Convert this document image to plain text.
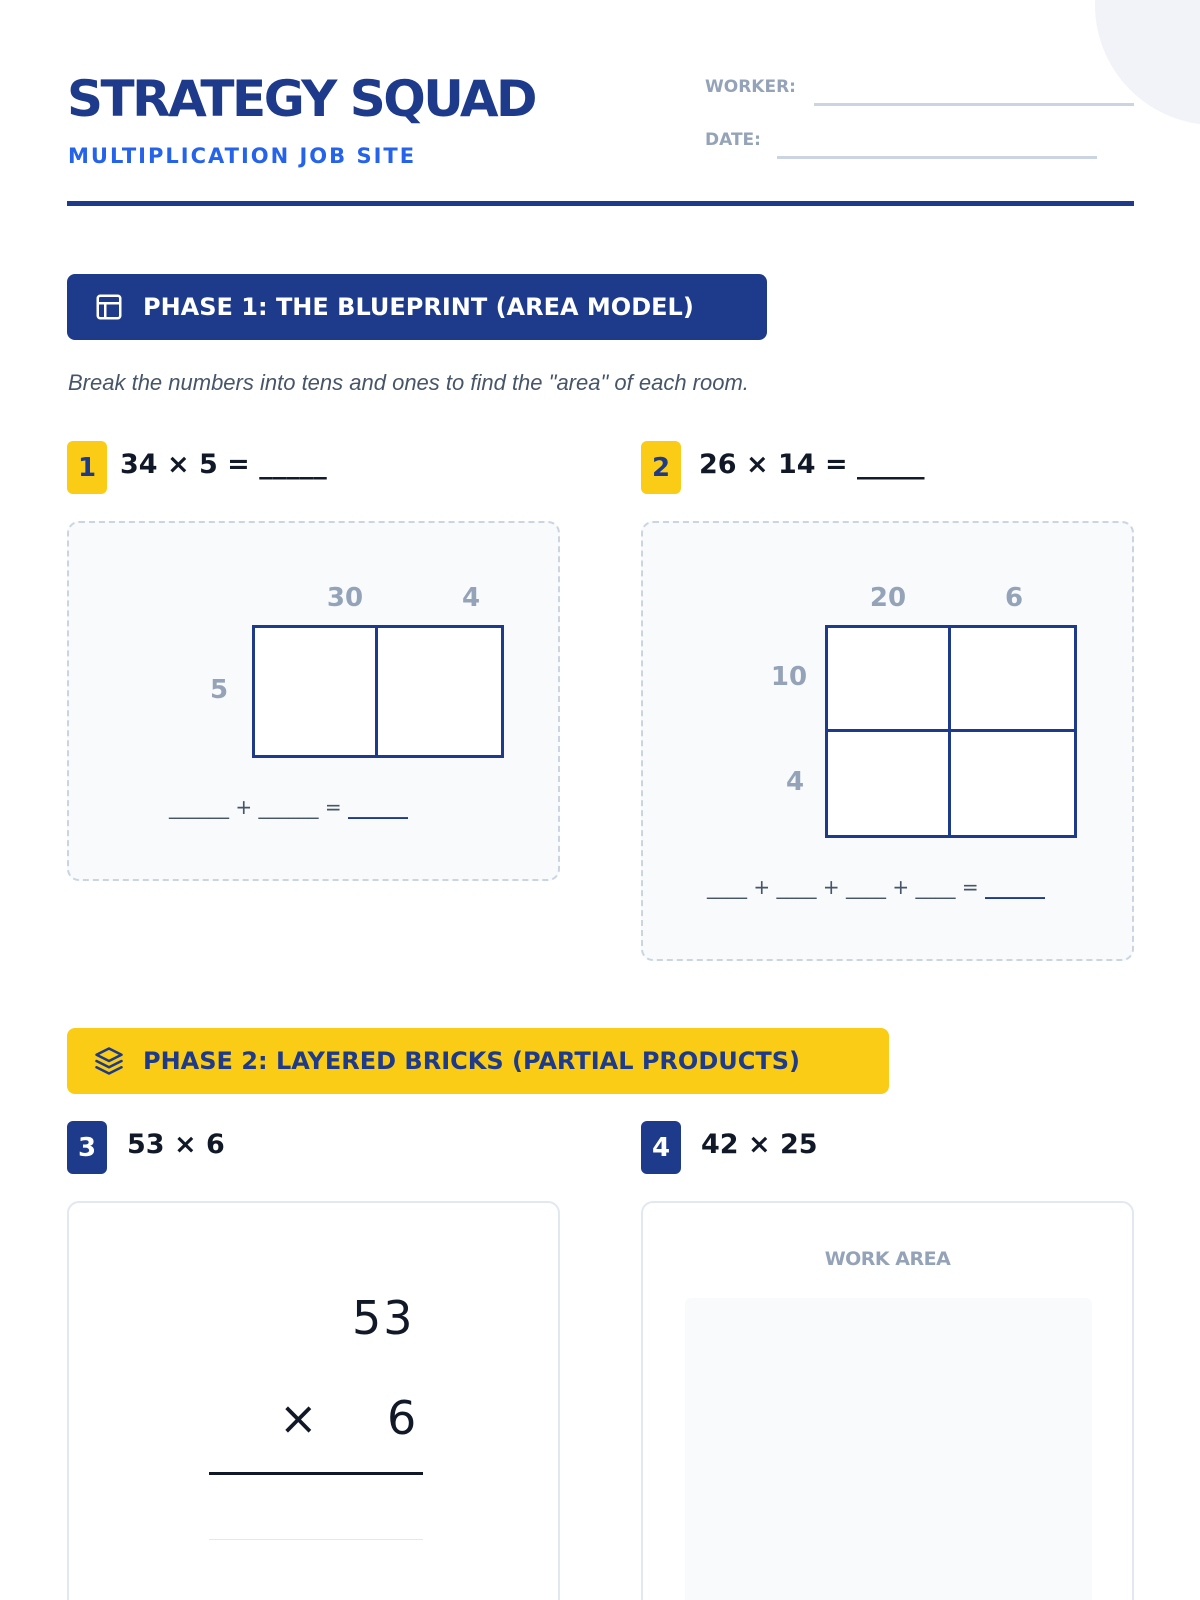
STRATEGY SQUAD
MULTIPLICATION JOB SITE
WORKER:
DATE:
PHASE 1: THE BLUEPRINT (AREA MODEL)
Break the numbers into tens and ones to find the "area" of each room.
1 34 × 5 = _____
30	4
5
______ + ______ = ______
2	26 × 14 = _____
20	6
10
4
____ + ____ + ____ + ____ = ______
PHASE 2: LAYERED BRICKS (PARTIAL PRODUCTS)
3	53 × 6
53
× 6
4	42 × 25
WORK AREA
